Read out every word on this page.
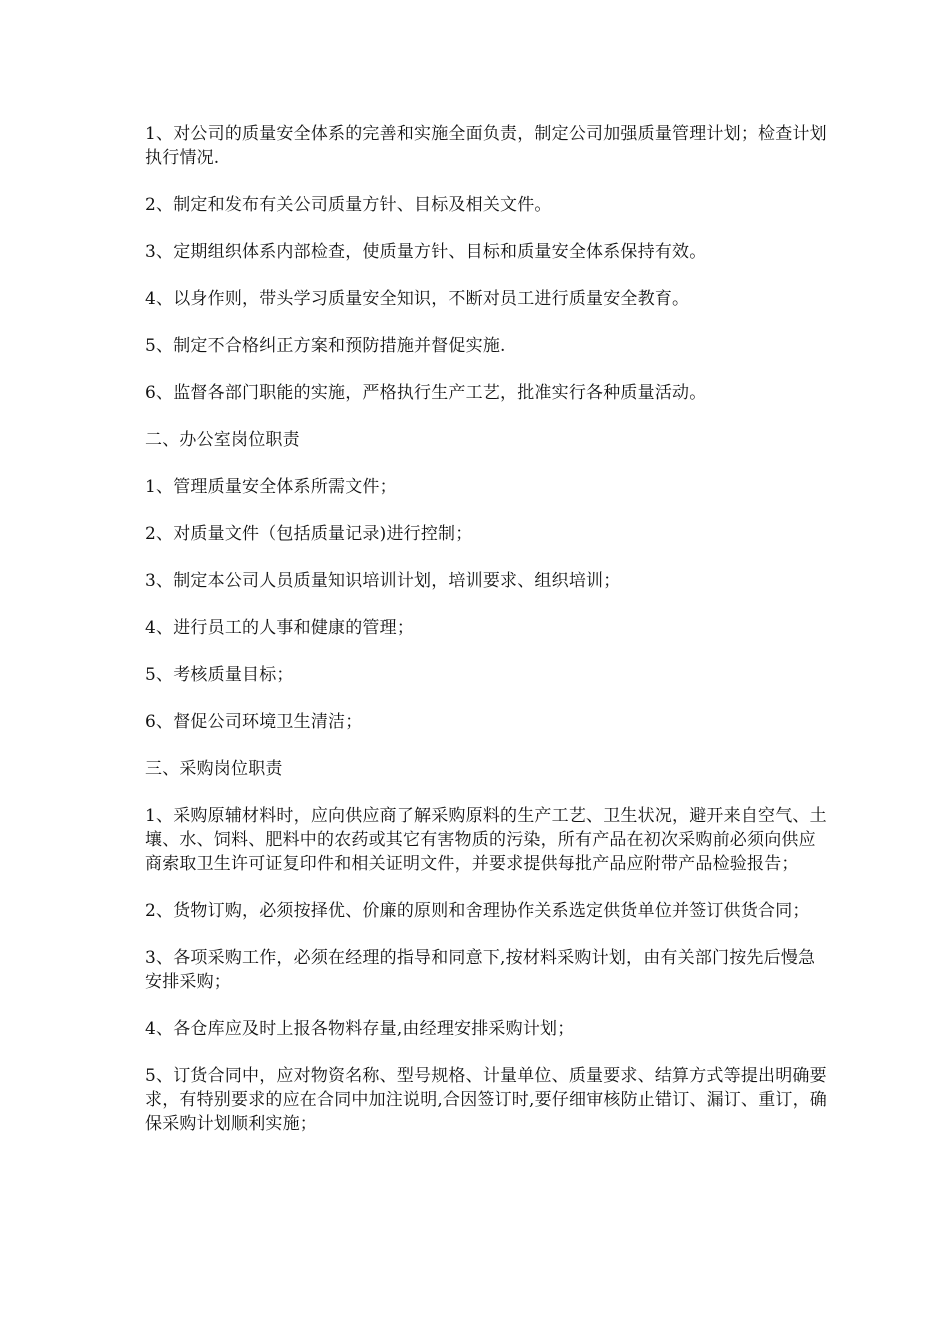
1、对公司的质量安全体系的完善和实施全面负责，制定公司加强质量管理计划；检查计划执行情况.

2、制定和发布有关公司质量方针、目标及相关文件。

3、定期组织体系内部检查，使质量方针、目标和质量安全体系保持有效。

4、以身作则，带头学习质量安全知识，不断对员工进行质量安全教育。

5、制定不合格纠正方案和预防措施并督促实施.

6、监督各部门职能的实施，严格执行生产工艺，批准实行各种质量活动。

二、办公室岗位职责

1、管理质量安全体系所需文件；

2、对质量文件（包括质量记录)进行控制；

3、制定本公司人员质量知识培训计划，培训要求、组织培训；

4、进行员工的人事和健康的管理；

5、考核质量目标；

6、督促公司环境卫生清洁；

三、采购岗位职责

1、采购原辅材料时，应向供应商了解采购原料的生产工艺、卫生状况，避开来自空气、土壤、水、饲料、肥料中的农药或其它有害物质的污染，所有产品在初次采购前必须向供应商索取卫生许可证复印件和相关证明文件，并要求提供每批产品应附带产品检验报告；

2、货物订购，必须按择优、价廉的原则和舍理协作关系选定供货单位并签订供货合同；

3、各项采购工作，必须在经理的指导和同意下,按材料采购计划，由有关部门按先后慢急安排采购；

4、各仓库应及时上报各物料存量,由经理安排采购计划；

5、订货合同中，应对物资名称、型号规格、计量单位、质量要求、结算方式等提出明确要求，有特别要求的应在合同中加注说明,合因签订时,要仔细审核防止错订、漏订、重订，确保采购计划顺利实施；
